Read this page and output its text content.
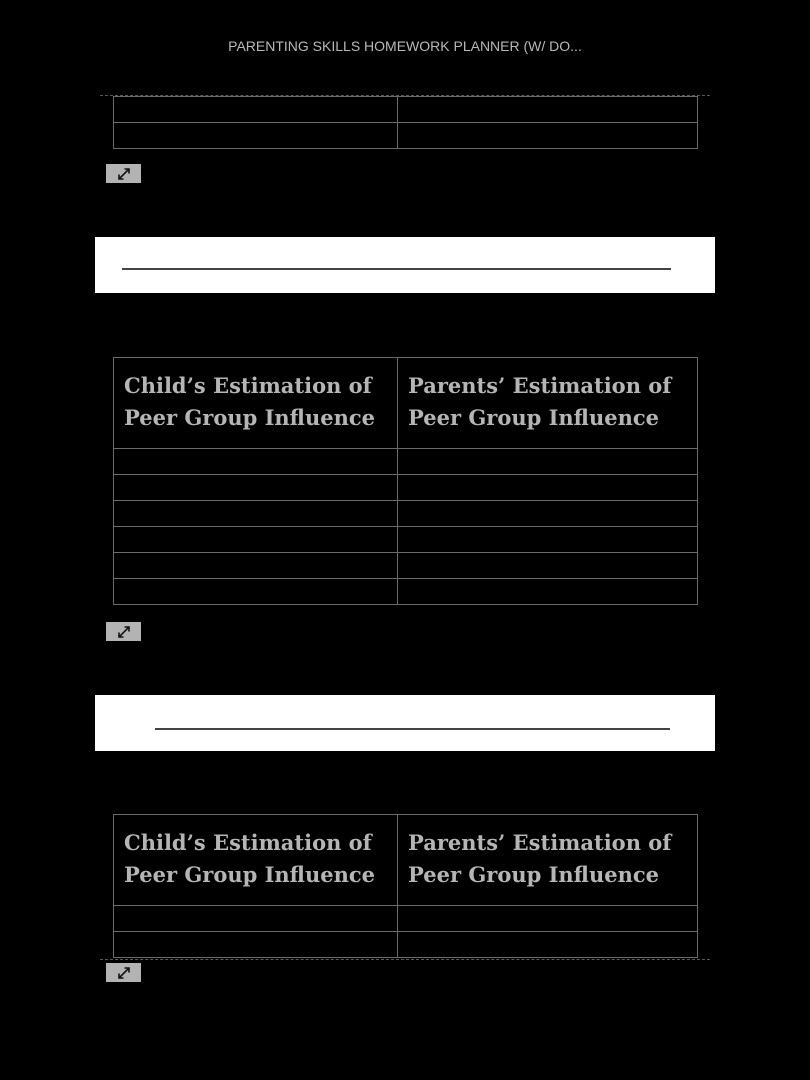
PARENTING SKILLS HOMEWORK PLANNER (W/ DO...

Child’s Estimation of Peer Group Influence	Parents’ Estimation of Peer Group Influence

Child’s Estimation of Peer Group Influence	Parents’ Estimation of Peer Group Influence
